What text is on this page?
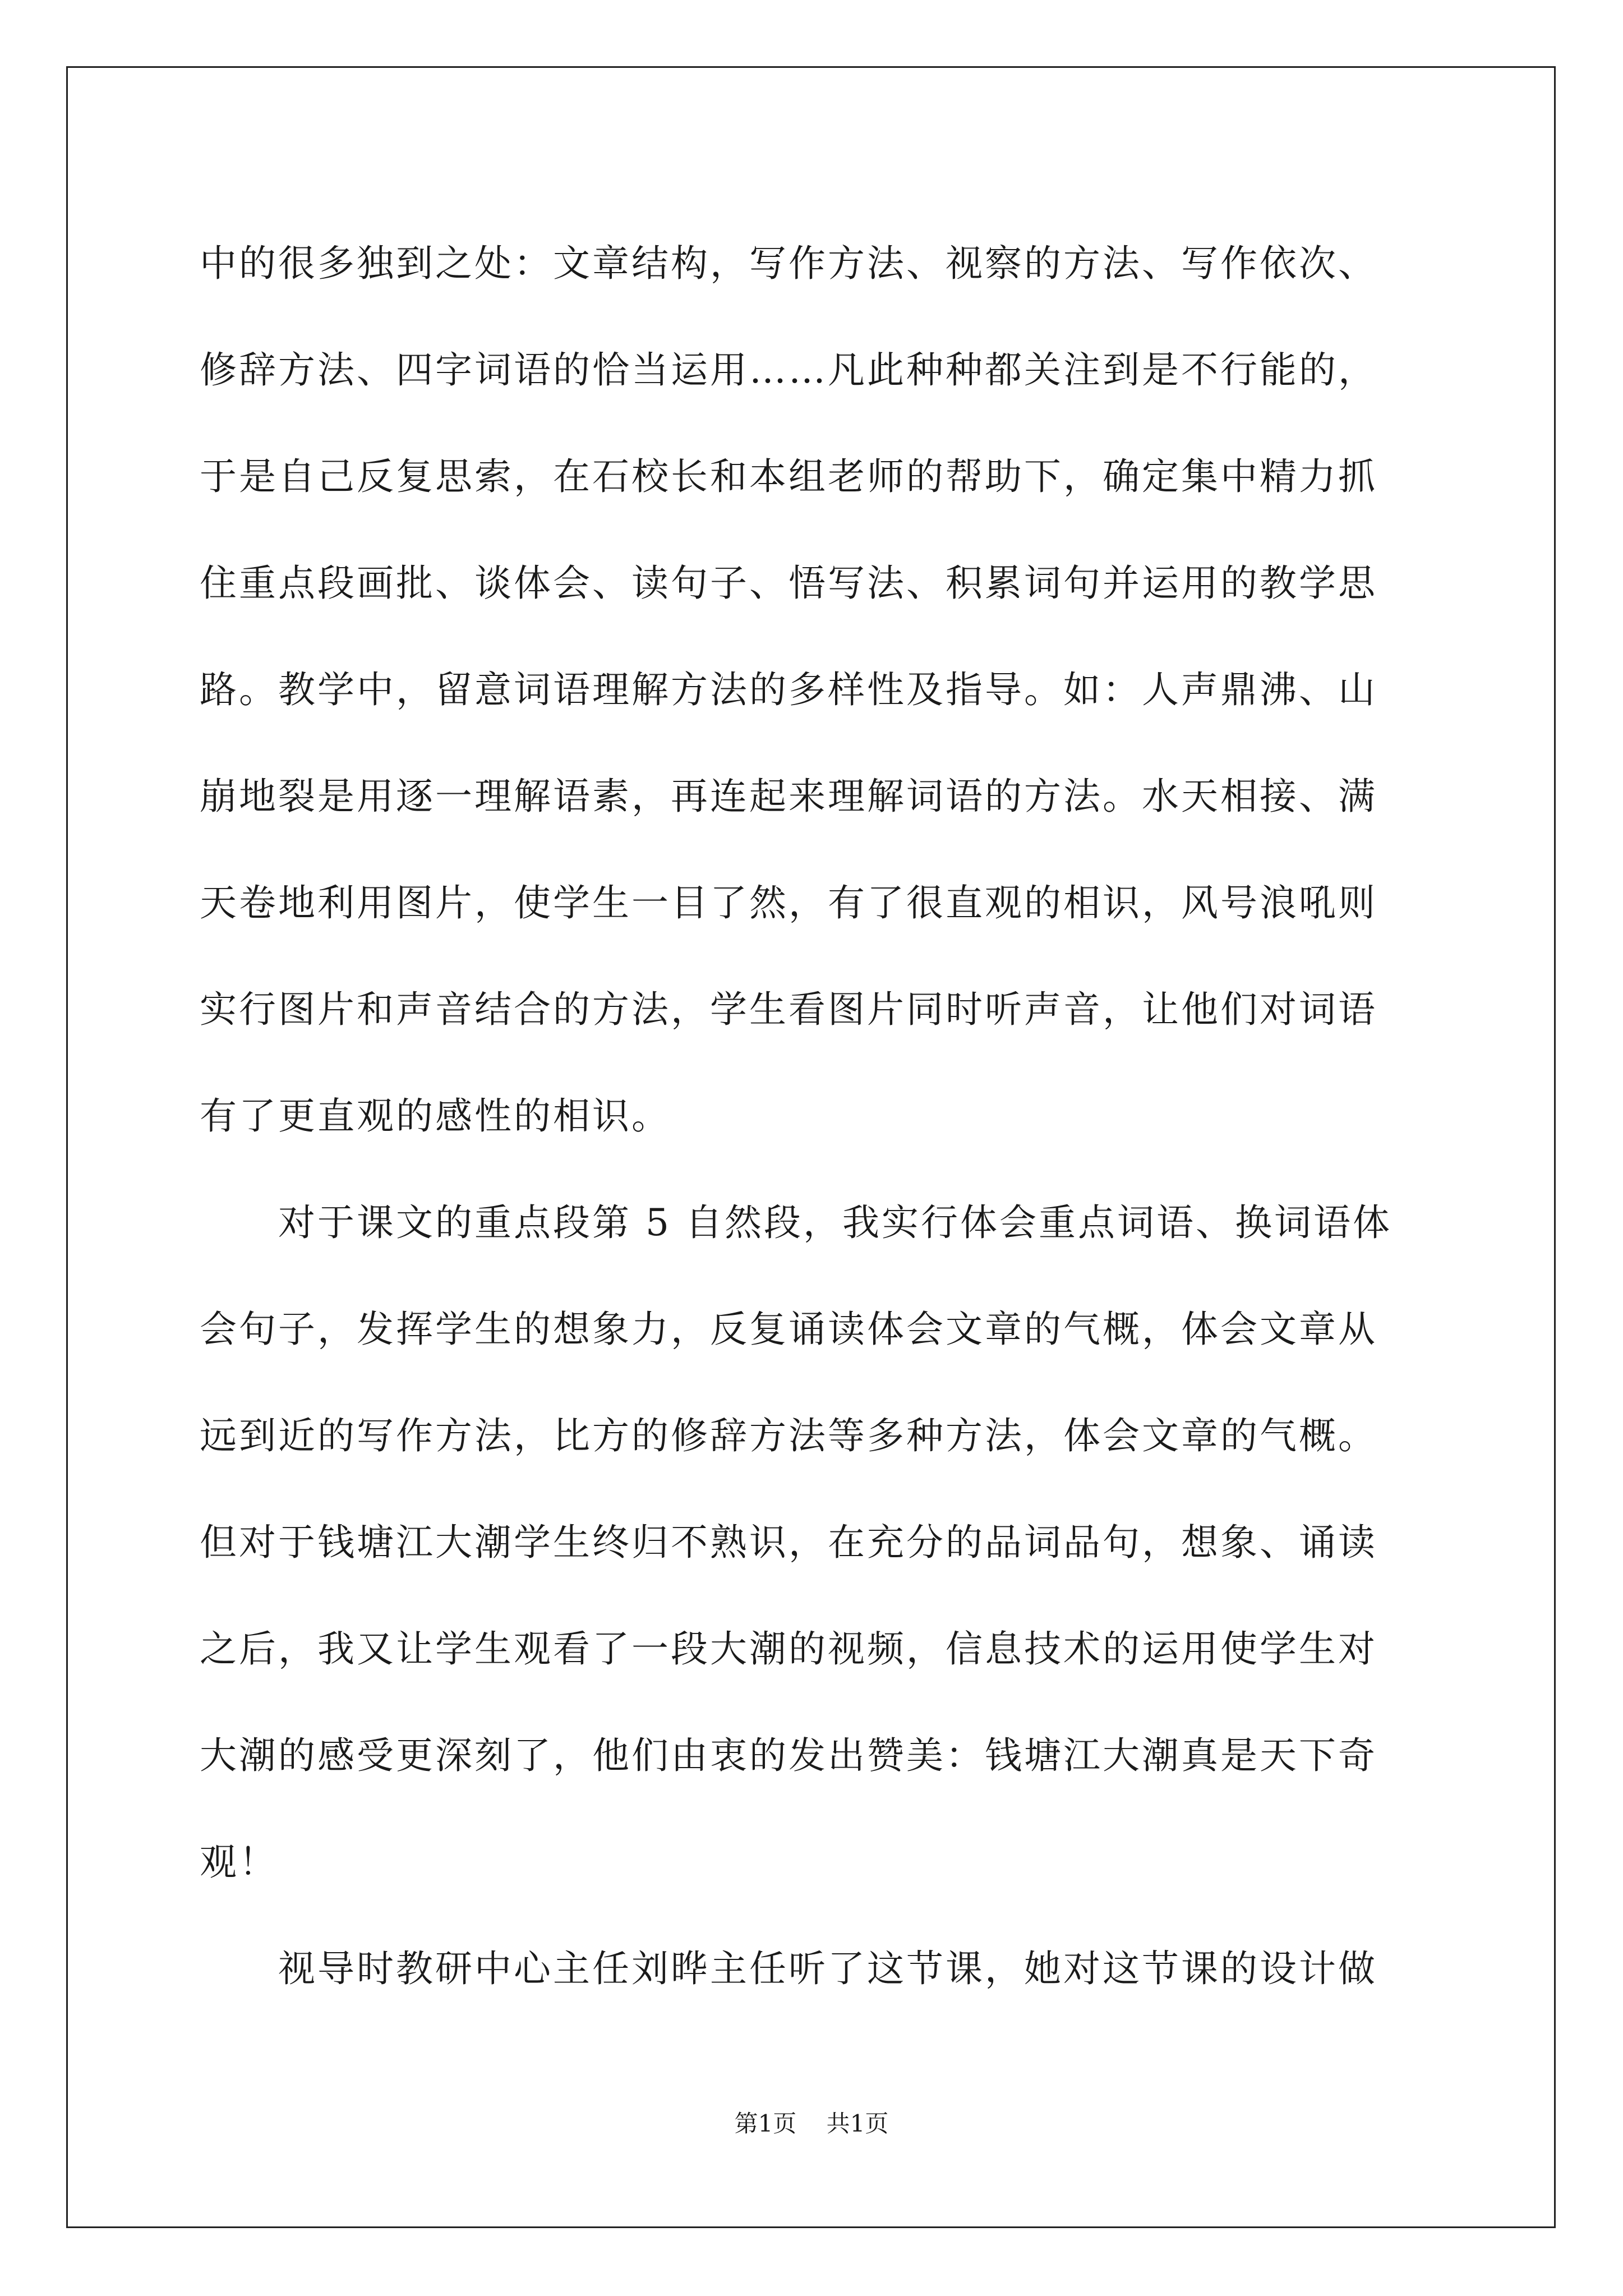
中的很多独到之处：文章结构，写作方法、视察的方法、写作依次、
修辞方法、四字词语的恰当运用……凡此种种都关注到是不行能的，
于是自己反复思索，在石校长和本组老师的帮助下，确定集中精力抓
住重点段画批、谈体会、读句子、悟写法、积累词句并运用的教学思
路。教学中，留意词语理解方法的多样性及指导。如：人声鼎沸、山
崩地裂是用逐一理解语素，再连起来理解词语的方法。水天相接、满
天卷地利用图片，使学生一目了然，有了很直观的相识，风号浪吼则
实行图片和声音结合的方法，学生看图片同时听声音，让他们对词语
有了更直观的感性的相识。
对于课文的重点段第 5 自然段，我实行体会重点词语、换词语体
会句子，发挥学生的想象力，反复诵读体会文章的气概，体会文章从
远到近的写作方法，比方的修辞方法等多种方法，体会文章的气概。
但对于钱塘江大潮学生终归不熟识，在充分的品词品句，想象、诵读
之后，我又让学生观看了一段大潮的视频，信息技术的运用使学生对
大潮的感受更深刻了，他们由衷的发出赞美：钱塘江大潮真是天下奇
观！
视导时教研中心主任刘晔主任听了这节课，她对这节课的设计做
第1页 共1页
